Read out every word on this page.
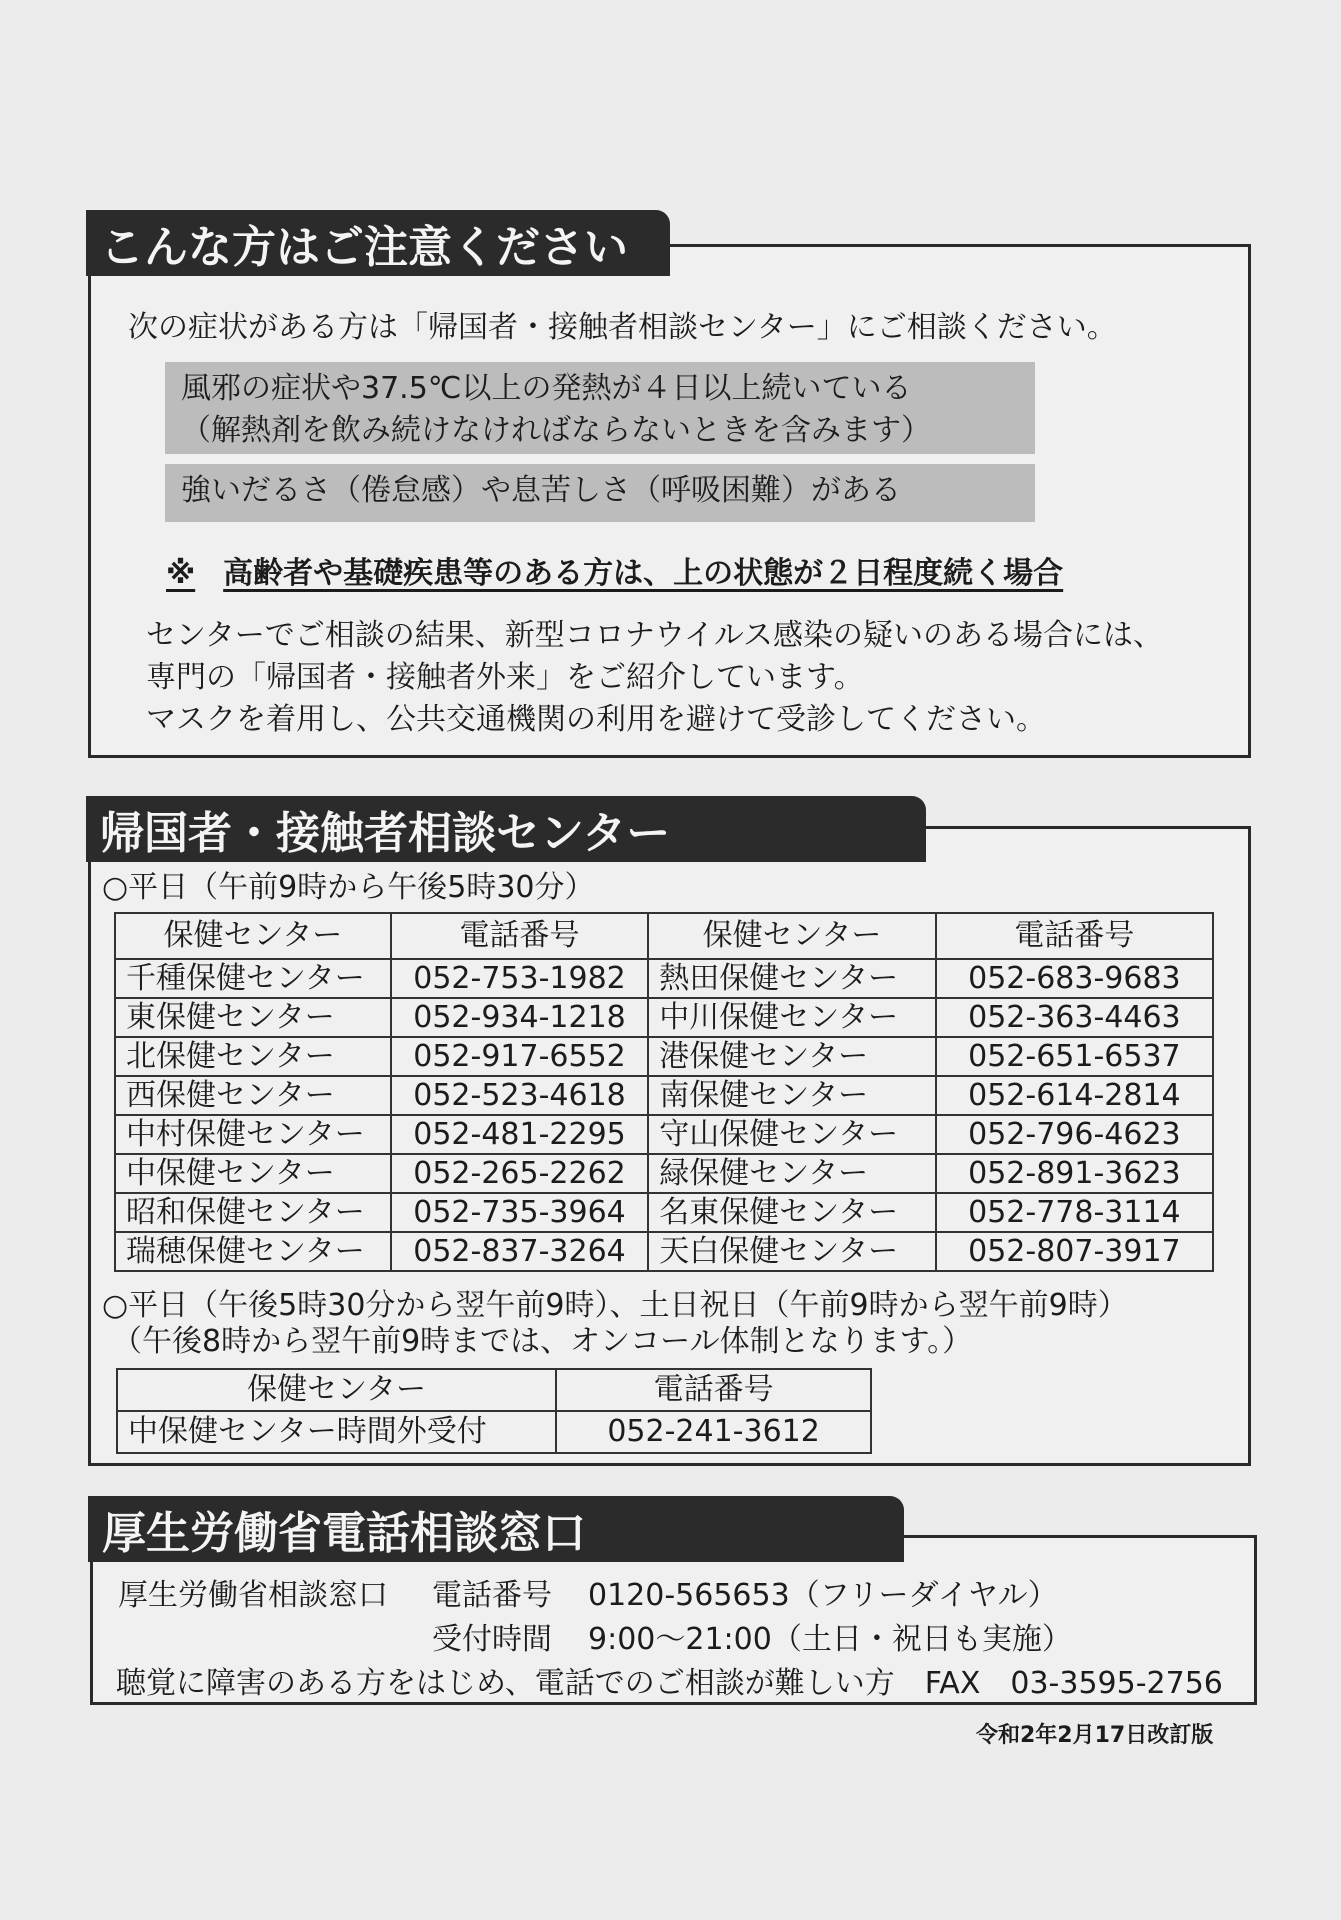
こんな方はご注意ください
次の症状がある方は「帰国者・接触者相談センター」にご相談ください。
風邪の症状や37.5℃以上の発熱が４日以上続いている
（解熱剤を飲み続けなければならないときを含みます）
強いだるさ（倦怠感）や息苦しさ（呼吸困難）がある
※ 高齢者や基礎疾患等のある方は、上の状態が２日程度続く場合
センターでご相談の結果、新型コロナウイルス感染の疑いのある場合には、
専門の「帰国者・接触者外来」をご紹介しています。
マスクを着用し、公共交通機関の利用を避けて受診してください。
帰国者・接触者相談センター
○平日（午前9時から午後5時30分）
保健センター	電話番号	保健センター	電話番号
千種保健センター	052-753-1982	熱田保健センター	052-683-9683
東保健センター	052-934-1218	中川保健センター	052-363-4463
北保健センター	052-917-6552	港保健センター	052-651-6537
西保健センター	052-523-4618	南保健センター	052-614-2814
中村保健センター	052-481-2295	守山保健センター	052-796-4623
中保健センター	052-265-2262	緑保健センター	052-891-3623
昭和保健センター	052-735-3964	名東保健センター	052-778-3114
瑞穂保健センター	052-837-3264	天白保健センター	052-807-3917
○平日（午後5時30分から翌午前9時）、土日祝日（午前9時から翌午前9時）
（午後8時から翌午前9時までは、オンコール体制となります。）
保健センター	電話番号
中保健センター時間外受付	052-241-3612
厚生労働省電話相談窓口
厚生労働省相談窓口 電話番号 0120-565653（フリーダイヤル）
受付時間 9:00～21:00（土日・祝日も実施）
聴覚に障害のある方をはじめ、電話でのご相談が難しい方　FAX　03-3595-2756
令和2年2月17日改訂版
